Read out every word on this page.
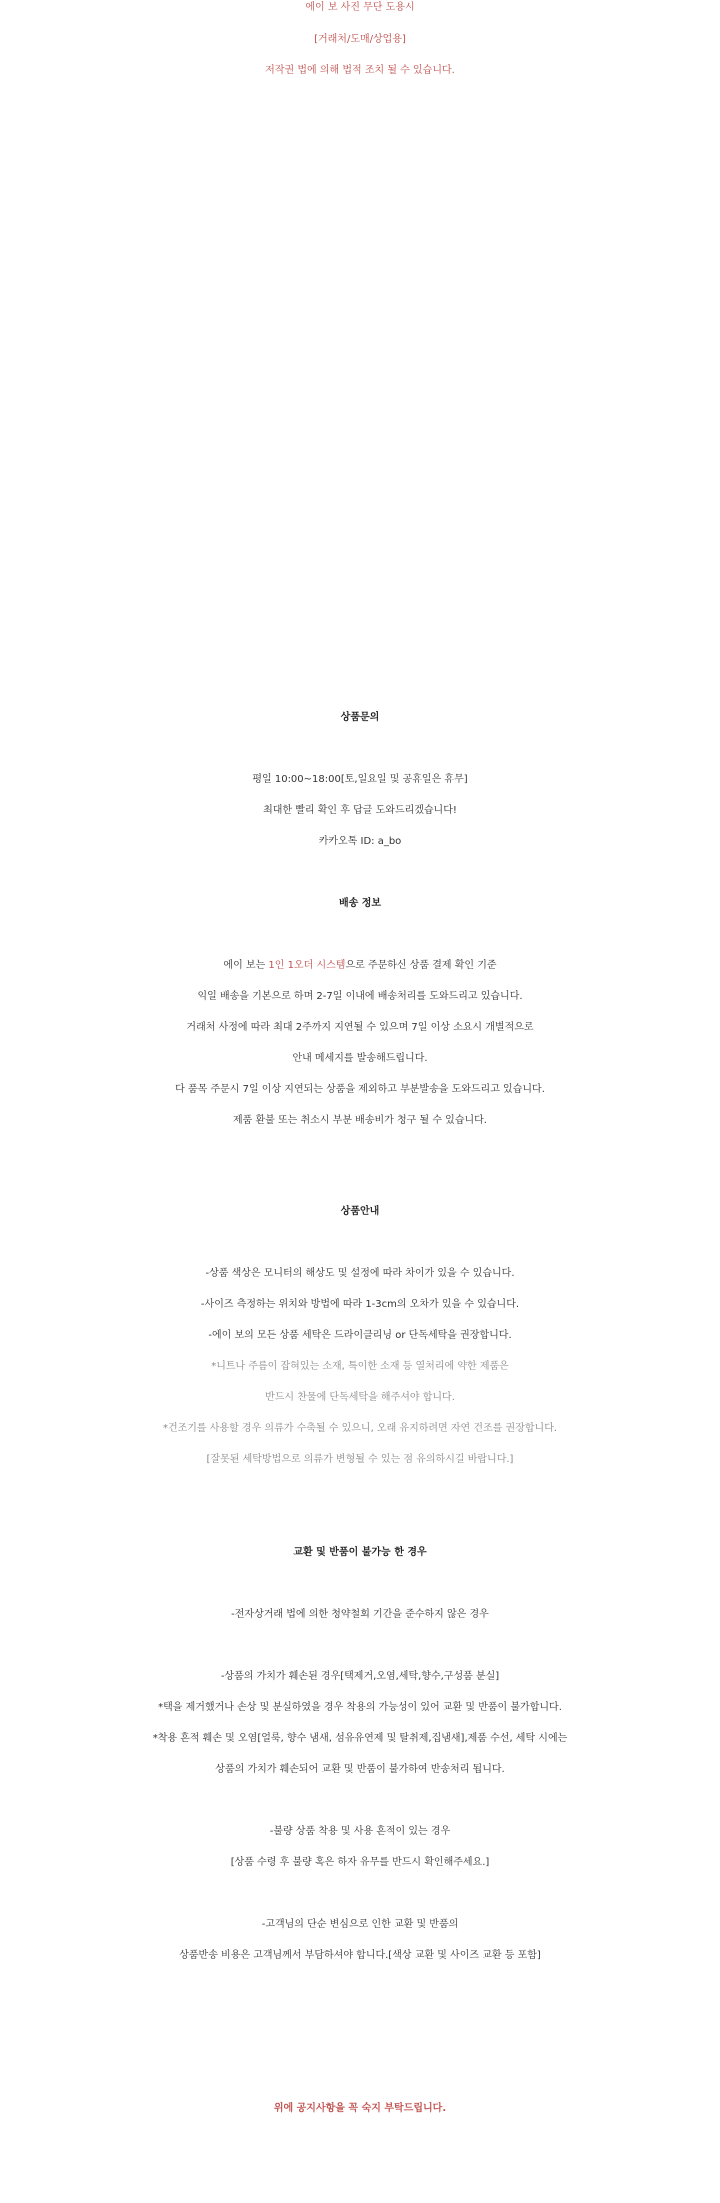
에이 보 사진 무단 도용시
[거래처/도매/상업용]
저작권 법에 의해 법적 조치 될 수 있습니다.
상품문의
평일 10:00~18:00[토,일요일 및 공휴일은 휴무]
최대한 빨리 확인 후 답글 도와드리겠습니다!
카카오톡 ID: a_bo
배송 정보
에이 보는 1인 1오더 시스템으로 주문하신 상품 결제 확인 기준
익일 배송을 기본으로 하며 2-7일 이내에 배송처리를 도와드리고 있습니다.
거래처 사정에 따라 최대 2주까지 지연될 수 있으며 7일 이상 소요시 개별적으로
안내 메세지를 발송해드립니다.
다 품목 주문시 7일 이상 지연되는 상품을 제외하고 부분발송을 도와드리고 있습니다.
제품 환불 또는 취소시 부분 배송비가 청구 될 수 있습니다.
상품안내
-상품 색상은 모니터의 해상도 및 설정에 따라 차이가 있을 수 있습니다.
-사이즈 측정하는 위치와 방법에 따라 1-3cm의 오차가 있을 수 있습니다.
-에이 보의 모든 상품 세탁은 드라이클리닝 or 단독세탁을 권장합니다.
*니트나 주름이 잡혀있는 소재, 특이한 소재 등 열처리에 약한 제품은
반드시 찬물에 단독세탁을 해주셔야 합니다.
*건조기를 사용할 경우 의류가 수축될 수 있으니, 오래 유지하려면 자연 건조를 권장합니다.
[잘못된 세탁방법으로 의류가 변형될 수 있는 점 유의하시길 바랍니다.]
교환 및 반품이 불가능 한 경우
-전자상거래 법에 의한 청약철회 기간을 준수하지 않은 경우
-상품의 가치가 훼손된 경우[택제거,오염,세탁,향수,구성품 분실]
*택을 제거했거나 손상 및 분실하였을 경우 착용의 가능성이 있어 교환 및 반품이 불가합니다.
*착용 흔적 훼손 및 오염[얼룩, 향수 냄새, 섬유유연제 및 탈취제,집냄새],제품 수선, 세탁 시에는
상품의 가치가 훼손되어 교환 및 반품이 불가하여 반송처리 됩니다.
-불량 상품 착용 및 사용 흔적이 있는 경우
[상품 수령 후 불량 혹은 하자 유무를 반드시 확인해주세요.]
-고객님의 단순 변심으로 인한 교환 및 반품의
상품반송 비용은 고객님께서 부담하셔야 합니다.[색상 교환 및 사이즈 교환 등 포함]
위에 공지사항을 꼭 숙지 부탁드립니다.
